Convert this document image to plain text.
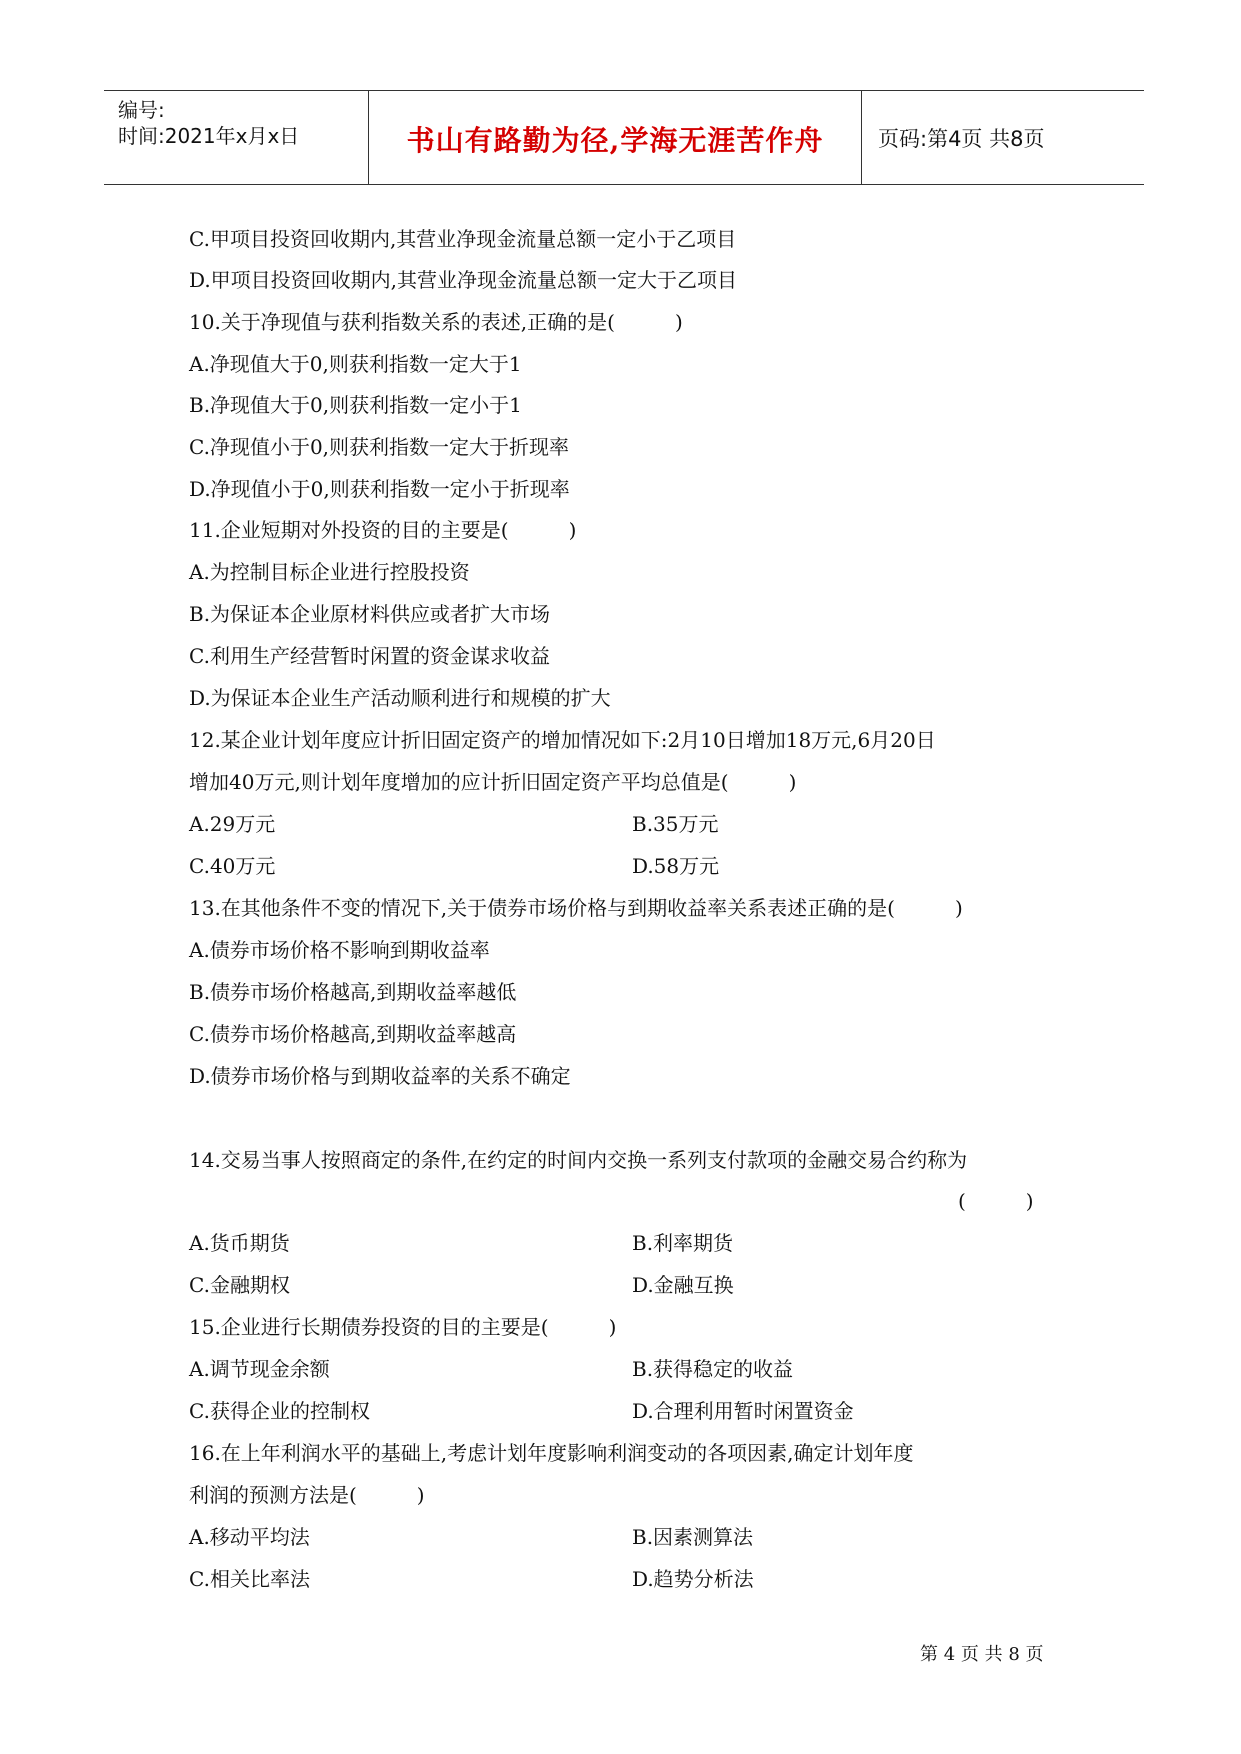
编号:
时间:2021年x月x日	书山有路勤为径,学海无涯苦作舟	页码:第4页 共8页
C.甲项目投资回收期内,其营业净现金流量总额一定小于乙项目
D.甲项目投资回收期内,其营业净现金流量总额一定大于乙项目
10.关于净现值与获利指数关系的表述,正确的是(　　　)
A.净现值大于0,则获利指数一定大于1
B.净现值大于0,则获利指数一定小于1
C.净现值小于0,则获利指数一定大于折现率
D.净现值小于0,则获利指数一定小于折现率
11.企业短期对外投资的目的主要是(　　　)
A.为控制目标企业进行控股投资
B.为保证本企业原材料供应或者扩大市场
C.利用生产经营暂时闲置的资金谋求收益
D.为保证本企业生产活动顺利进行和规模的扩大
12.某企业计划年度应计折旧固定资产的增加情况如下:2月10日增加18万元,6月20日
增加40万元,则计划年度增加的应计折旧固定资产平均总值是(　　　)
A.29万元	B.35万元
C.40万元	D.58万元
13.在其他条件不变的情况下,关于债券市场价格与到期收益率关系表述正确的是(　　　)
A.债券市场价格不影响到期收益率
B.债券市场价格越高,到期收益率越低
C.债券市场价格越高,到期收益率越高
D.债券市场价格与到期收益率的关系不确定
14.交易当事人按照商定的条件,在约定的时间内交换一系列支付款项的金融交易合约称为
(　　　)
A.货币期货	B.利率期货
C.金融期权	D.金融互换
15.企业进行长期债券投资的目的主要是(　　　)
A.调节现金余额	B.获得稳定的收益
C.获得企业的控制权	D.合理利用暂时闲置资金
16.在上年利润水平的基础上,考虑计划年度影响利润变动的各项因素,确定计划年度
利润的预测方法是(　　　)
A.移动平均法	B.因素测算法
C.相关比率法	D.趋势分析法
第 4 页 共 8 页
